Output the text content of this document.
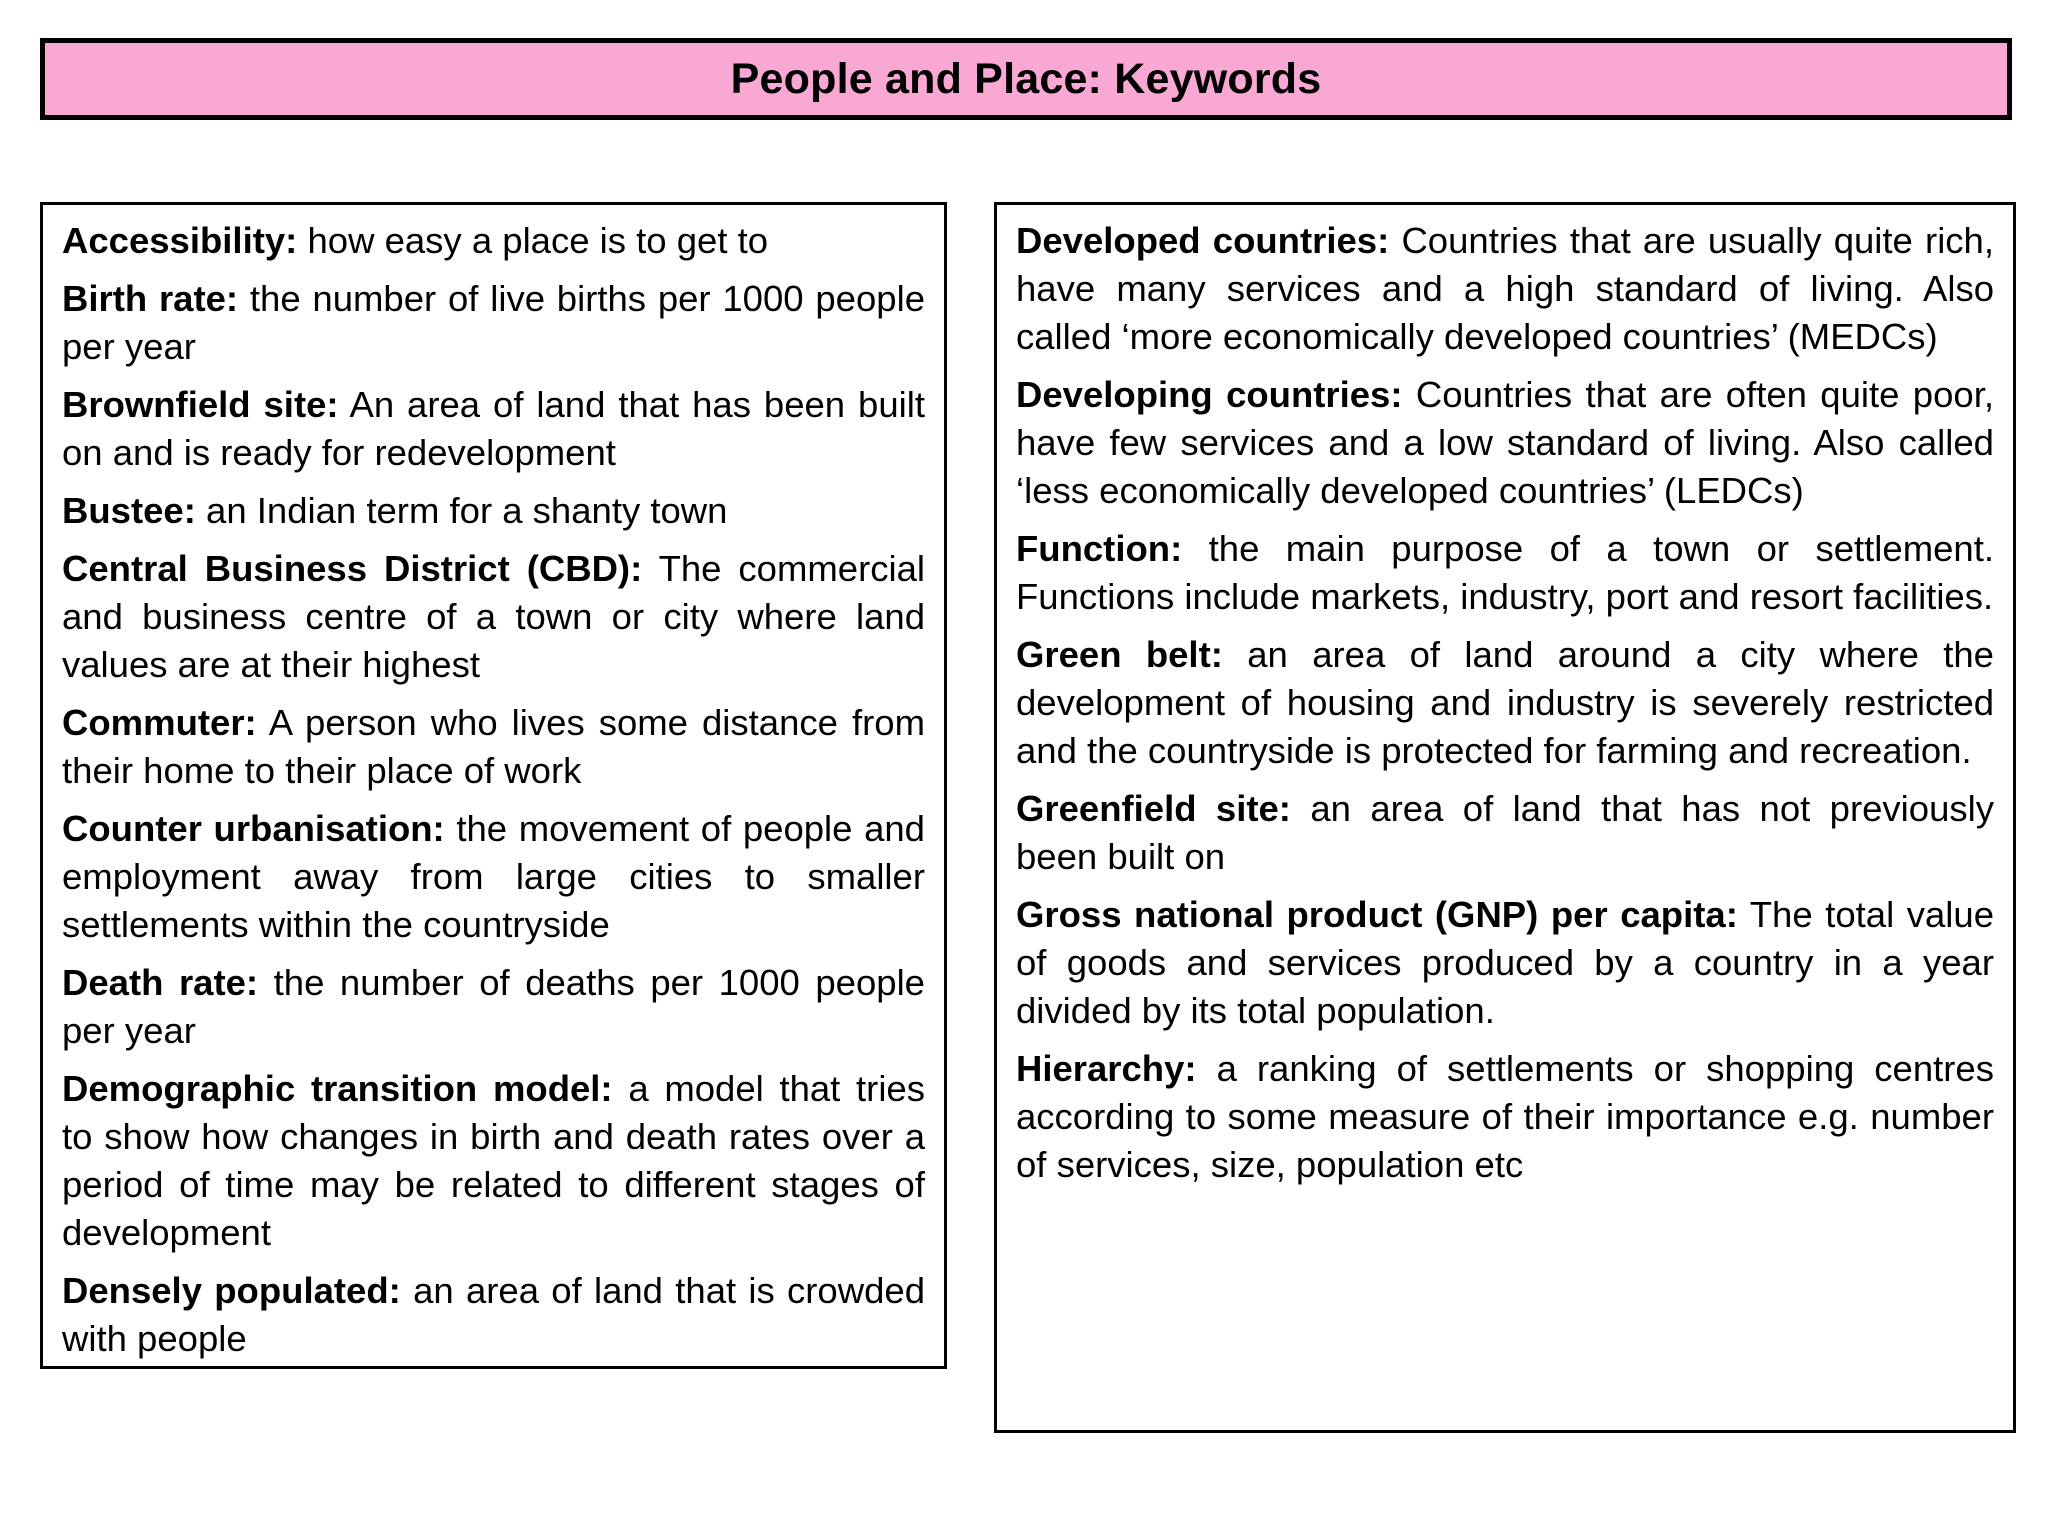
People and Place: Keywords

Accessibility: how easy a place is to get to

Birth rate: the number of live births per 1000 people per year

Brownfield site: An area of land that has been built on and is ready for redevelopment

Bustee: an Indian term for a shanty town

Central Business District (CBD): The commercial and business centre of a town or city where land values are at their highest

Commuter: A person who lives some distance from their home to their place of work

Counter urbanisation: the movement of people and employment away from large cities to smaller settlements within the countryside

Death rate: the number of deaths per 1000 people per year

Demographic transition model: a model that tries to show how changes in birth and death rates over a period of time may be related to different stages of development

Densely populated: an area of land that is crowded with people

Developed countries: Countries that are usually quite rich, have many services and a high standard of living. Also called ‘more economically developed countries’ (MEDCs)

Developing countries: Countries that are often quite poor, have few services and a low standard of living. Also called ‘less economically developed countries’ (LEDCs)

Function: the main purpose of a town or settlement. Functions include markets, industry, port and resort facilities.

Green belt: an area of land around a city where the development of housing and industry is severely restricted and the countryside is protected for farming and recreation.

Greenfield site: an area of land that has not previously been built on

Gross national product (GNP) per capita: The total value of goods and services produced by a country in a year divided by its total population.

Hierarchy: a ranking of settlements or shopping centres according to some measure of their importance e.g. number of services, size, population etc
